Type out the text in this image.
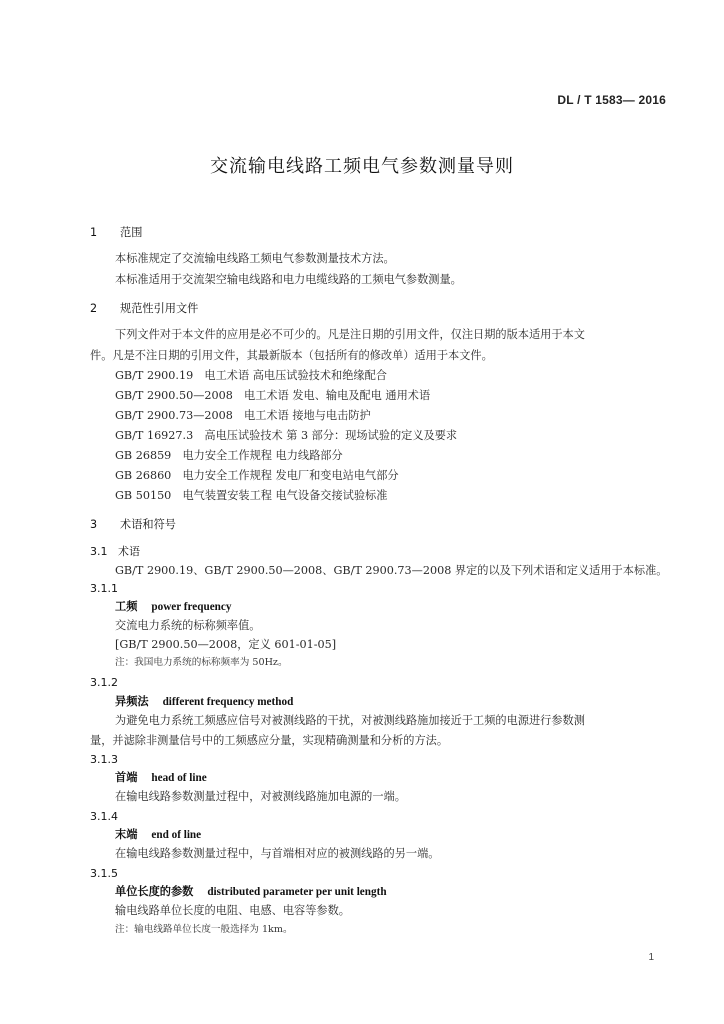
DL / T 1583— 2016
交流输电线路工频电气参数测量导则
1 范围
本标准规定了交流输电线路工频电气参数测量技术方法。
本标准适用于交流架空输电线路和电力电缆线路的工频电气参数测量。
2 规范性引用文件
下列文件对于本文件的应用是必不可少的。凡是注日期的引用文件，仅注日期的版本适用于本文
件。凡是不注日期的引用文件，其最新版本（包括所有的修改单）适用于本文件。
GB/T 2900.19　电工术语 高电压试验技术和绝缘配合
GB/T 2900.50—2008　电工术语 发电、输电及配电 通用术语
GB/T 2900.73—2008　电工术语 接地与电击防护
GB/T 16927.3　高电压试验技术 第 3 部分：现场试验的定义及要求
GB 26859　电力安全工作规程 电力线路部分
GB 26860　电力安全工作规程 发电厂和变电站电气部分
GB 50150　电气装置安装工程 电气设备交接试验标准
3 术语和符号
3.1 术语
GB/T 2900.19、GB/T 2900.50—2008、GB/T 2900.73—2008 界定的以及下列术语和定义适用于本标准。
3.1.1
工频 power frequency
交流电力系统的标称频率值。
[GB/T 2900.50—2008，定义 601-01-05]
注：我国电力系统的标称频率为 50Hz。
3.1.2
异频法 different frequency method
为避免电力系统工频感应信号对被测线路的干扰，对被测线路施加接近于工频的电源进行参数测
量，并滤除非测量信号中的工频感应分量，实现精确测量和分析的方法。
3.1.3
首端 head of line
在输电线路参数测量过程中，对被测线路施加电源的一端。
3.1.4
末端 end of line
在输电线路参数测量过程中，与首端相对应的被测线路的另一端。
3.1.5
单位长度的参数 distributed parameter per unit length
输电线路单位长度的电阻、电感、电容等参数。
注：输电线路单位长度一般选择为 1km。
1
